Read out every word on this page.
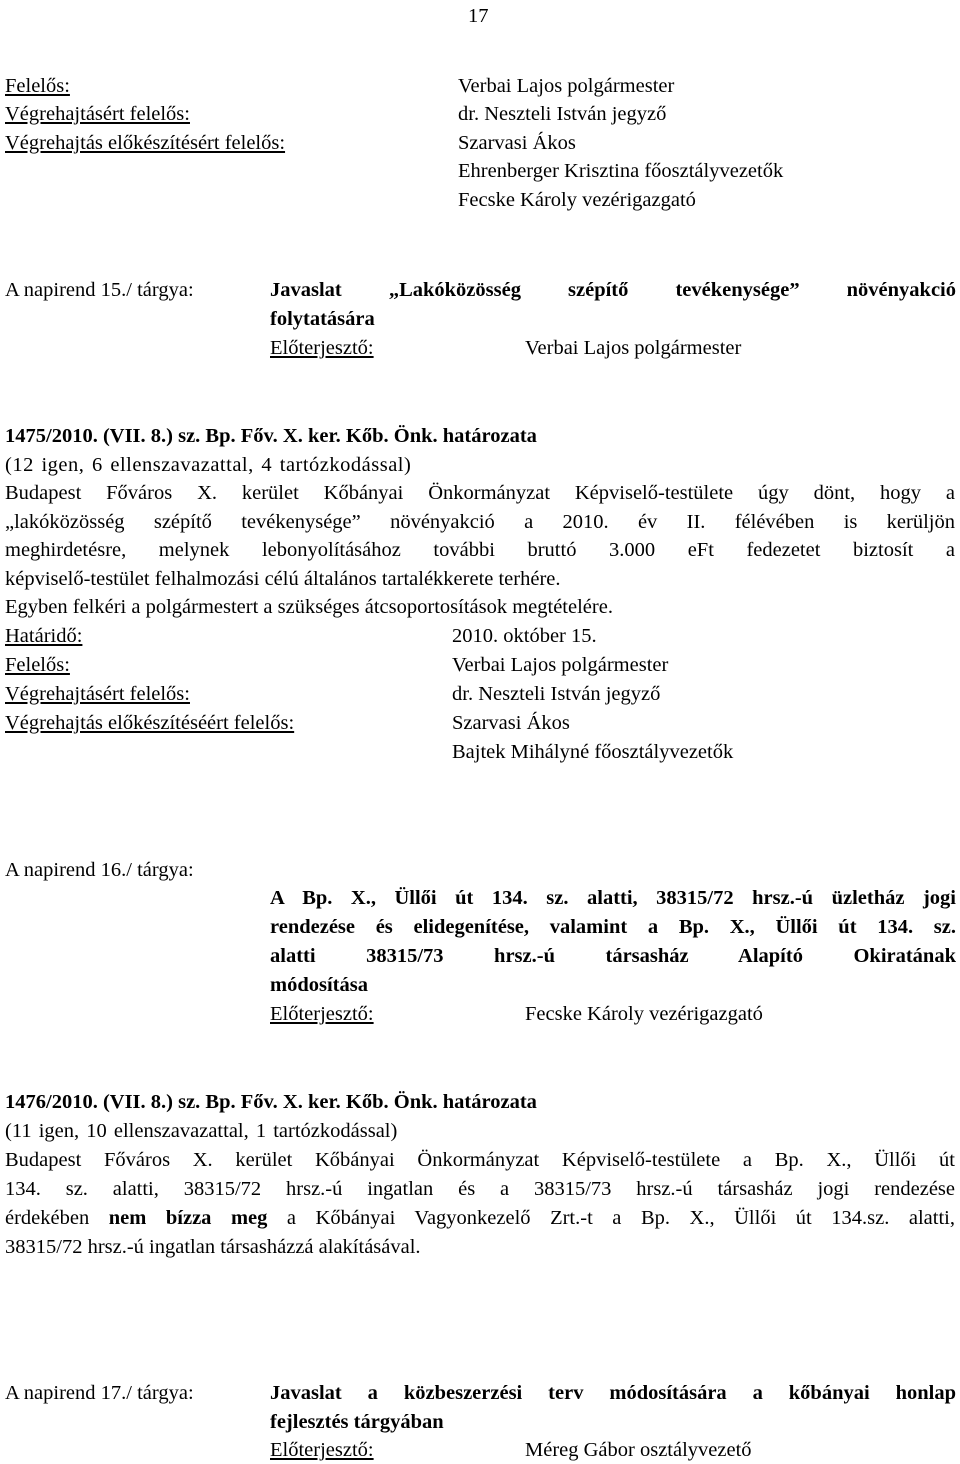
17
Felelős:	Verbai Lajos polgármester
Végrehajtásért felelős:	dr. Neszteli István jegyző
Végrehajtás előkészítésért felelős:	Szarvasi Ákos
Ehrenberger Krisztina főosztályvezetők
Fecske Károly vezérigazgató
A napirend 15./ tárgya:	Javaslat „Lakóközösség szépítő tevékenysége” növényakció
folytatására
Előterjesztő:	Verbai Lajos polgármester
1475/2010. (VII. 8.) sz. Bp. Főv. X. ker. Kőb. Önk. határozata
(12 igen, 6 ellenszavazattal, 4 tartózkodással)
Budapest Főváros X. kerület Kőbányai Önkormányzat Képviselő-testülete úgy dönt, hogy a
„lakóközösség szépítő tevékenysége” növényakció a 2010. év II. félévében is kerüljön
meghirdetésre, melynek lebonyolításához további bruttó 3.000 eFt fedezetet biztosít a
képviselő-testület felhalmozási célú általános tartalékkerete terhére.
Egyben felkéri a polgármestert a szükséges átcsoportosítások megtételére.
Határidő:	2010. október 15.
Felelős:	Verbai Lajos polgármester
Végrehajtásért felelős:	dr. Neszteli István jegyző
Végrehajtás előkészítéséért felelős:	Szarvasi Ákos
Bajtek Mihályné főosztályvezetők
A napirend 16./ tárgya:
A Bp. X., Üllői út 134. sz. alatti, 38315/72 hrsz.-ú üzletház jogi
rendezése és elidegenítése, valamint a Bp. X., Üllői út 134. sz.
alatti 38315/73 hrsz.-ú társasház Alapító Okiratának
módosítása
Előterjesztő:	Fecske Károly vezérigazgató
1476/2010. (VII. 8.) sz. Bp. Főv. X. ker. Kőb. Önk. határozata
(11 igen, 10 ellenszavazattal, 1 tartózkodással)
Budapest Főváros X. kerület Kőbányai Önkormányzat Képviselő-testülete a Bp. X., Üllői út
134. sz. alatti, 38315/72 hrsz.-ú ingatlan és a 38315/73 hrsz.-ú társasház jogi rendezése
érdekében nem bízza meg a Kőbányai Vagyonkezelő Zrt.-t a Bp. X., Üllői út 134.sz. alatti,
38315/72 hrsz.-ú ingatlan társasházzá alakításával.
A napirend 17./ tárgya:	Javaslat a közbeszerzési terv módosítására a kőbányai honlap
fejlesztés tárgyában
Előterjesztő:	Méreg Gábor osztályvezető
